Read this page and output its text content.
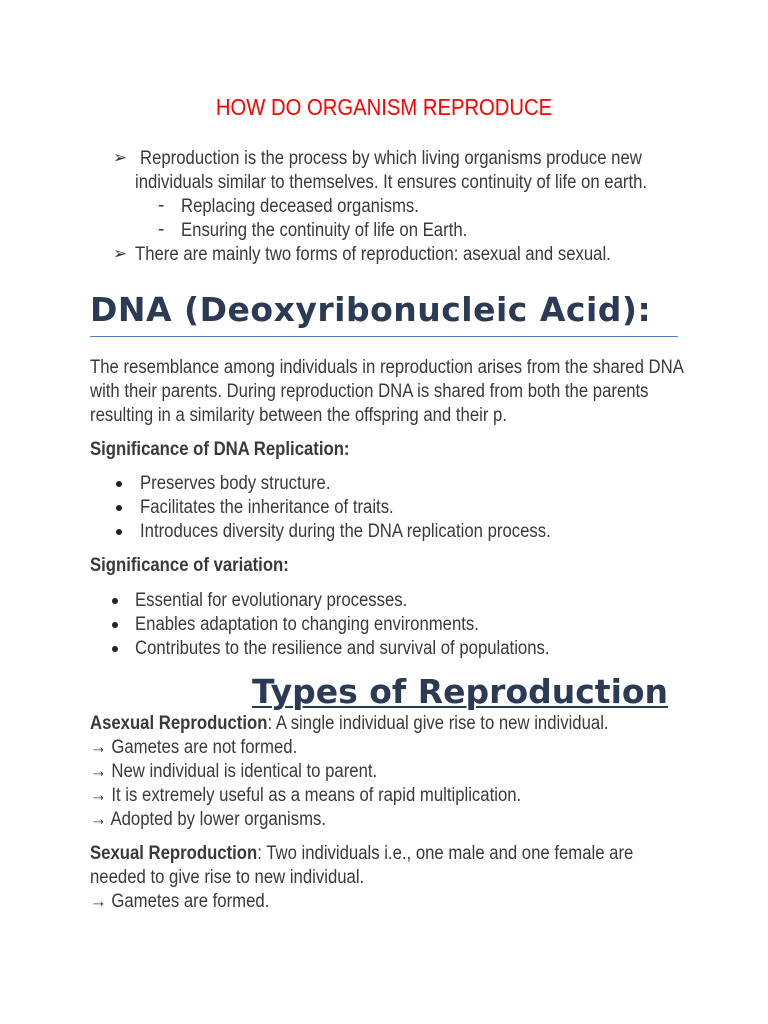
HOW DO ORGANISM REPRODUCE
➢ Reproduction is the process by which living organisms produce new
individuals similar to themselves. It ensures continuity of life on earth.
- Replacing deceased organisms.
- Ensuring the continuity of life on Earth.
➢ There are mainly two forms of reproduction: asexual and sexual.
DNA (Deoxyribonucleic Acid):
The resemblance among individuals in reproduction arises from the shared DNA
with their parents. During reproduction DNA is shared from both the parents
resulting in a similarity between the offspring and their p.
Significance of DNA Replication:
Preserves body structure.
Facilitates the inheritance of traits.
Introduces diversity during the DNA replication process.
Significance of variation:
Essential for evolutionary processes.
Enables adaptation to changing environments.
Contributes to the resilience and survival of populations.
Types of Reproduction
Asexual Reproduction: A single individual give rise to new individual.
→ Gametes are not formed.
→ New individual is identical to parent.
→ It is extremely useful as a means of rapid multiplication.
→ Adopted by lower organisms.
Sexual Reproduction: Two individuals i.e., one male and one female are
needed to give rise to new individual.
→ Gametes are formed.
